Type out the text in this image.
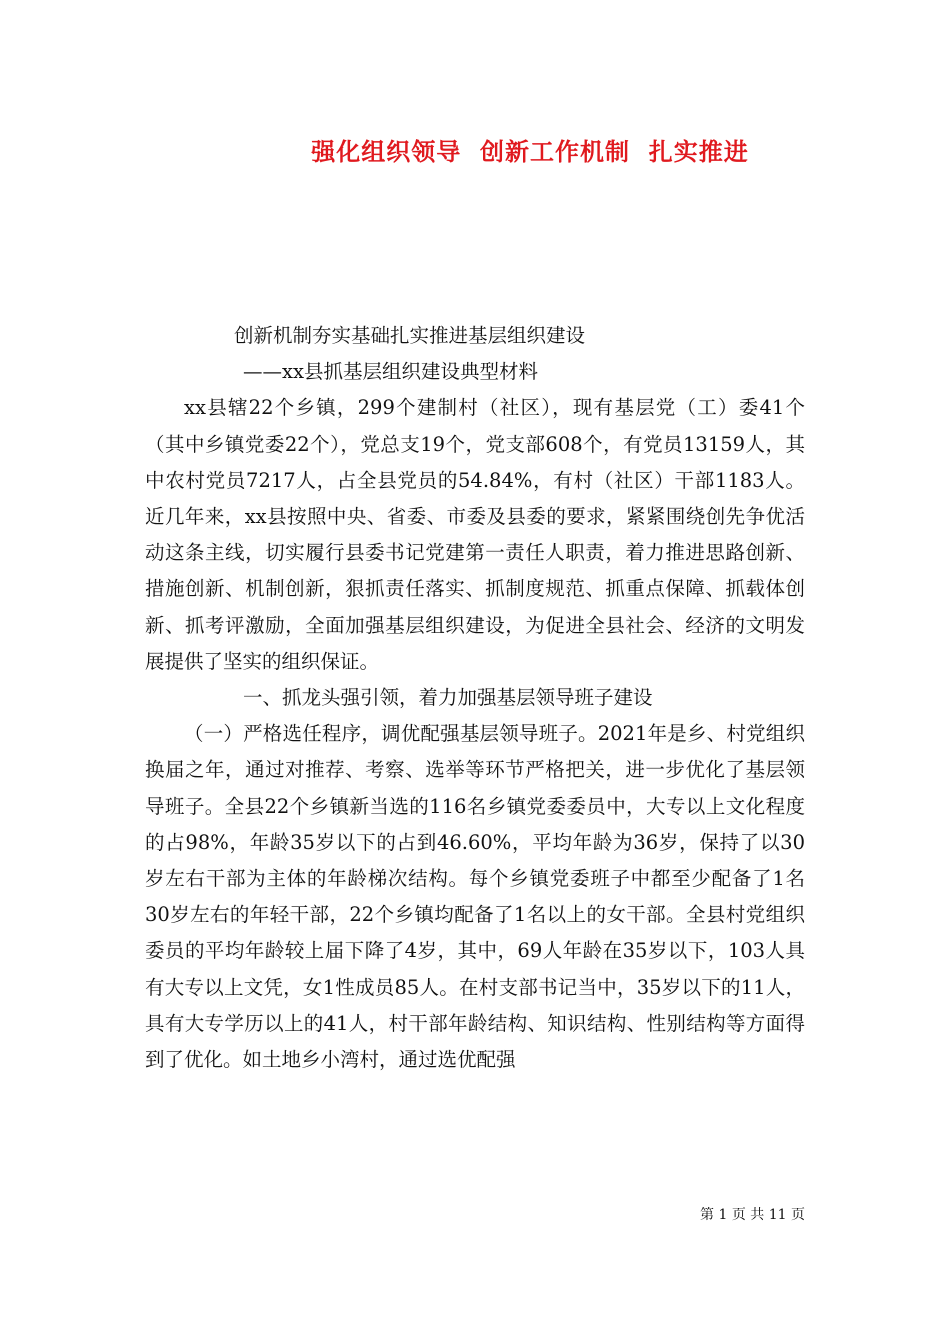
强化组织领导  创新工作机制  扎实推进

创新机制夯实基础扎实推进基层组织建设

——xx县抓基层组织建设典型材料

xx县辖22个乡镇，299个建制村（社区），现有基层党（工）委41个（其中乡镇党委22个），党总支19个，党支部608个，有党员13159人，其中农村党员7217人，占全县党员的54.84%，有村（社区）干部1183人。近几年来，xx县按照中央、省委、市委及县委的要求，紧紧围绕创先争优活动这条主线，切实履行县委书记党建第一责任人职责，着力推进思路创新、措施创新、机制创新，狠抓责任落实、抓制度规范、抓重点保障、抓载体创新、抓考评激励，全面加强基层组织建设，为促进全县社会、经济的文明发展提供了坚实的组织保证。

一、抓龙头强引领，着力加强基层领导班子建设

（一）严格选任程序，调优配强基层领导班子。2021年是乡、村党组织换届之年，通过对推荐、考察、选举等环节严格把关，进一步优化了基层领导班子。全县22个乡镇新当选的116名乡镇党委委员中，大专以上文化程度的占98%，年龄35岁以下的占到46.60%，平均年龄为36岁，保持了以30岁左右干部为主体的年龄梯次结构。每个乡镇党委班子中都至少配备了1名30岁左右的年轻干部，22个乡镇均配备了1名以上的女干部。全县村党组织委员的平均年龄较上届下降了4岁，其中，69人年龄在35岁以下，103人具有大专以上文凭，女1性成员85人。在村支部书记当中，35岁以下的11人，具有大专学历以上的41人，村干部年龄结构、知识结构、性别结构等方面得到了优化。如土地乡小湾村，通过选优配强

第 1 页 共 11 页
